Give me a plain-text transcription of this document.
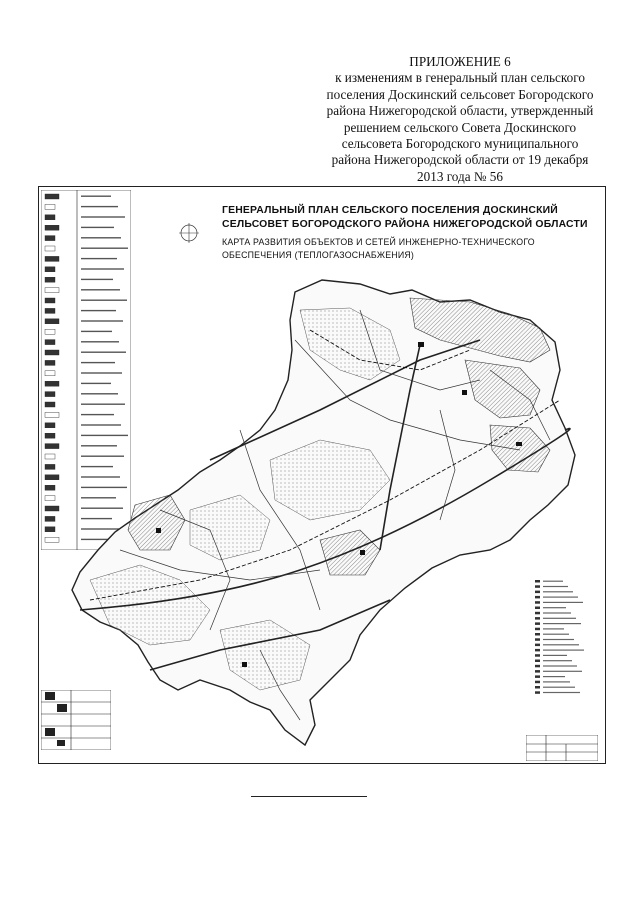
ПРИЛОЖЕНИЕ 6
к изменениям в генеральный план сельского
поселения Доскинский сельсовет Богородского
района Нижегородской области, утвержденный
решением сельского Совета Доскинского
сельсовета Богородского муниципального
района Нижегородской области от 19 декабря
2013 года № 56
ГЕНЕРАЛЬНЫЙ ПЛАН СЕЛЬСКОГО ПОСЕЛЕНИЯ ДОСКИНСКИЙ
СЕЛЬСОВЕТ БОГОРОДСКОГО РАЙОНА НИЖЕГОРОДСКОЙ ОБЛАСТИ
КАРТА РАЗВИТИЯ ОБЪЕКТОВ И СЕТЕЙ ИНЖЕНЕРНО-ТЕХНИЧЕСКОГО
ОБЕСПЕЧЕНИЯ (ТЕПЛОГАЗОСНАБЖЕНИЯ)
